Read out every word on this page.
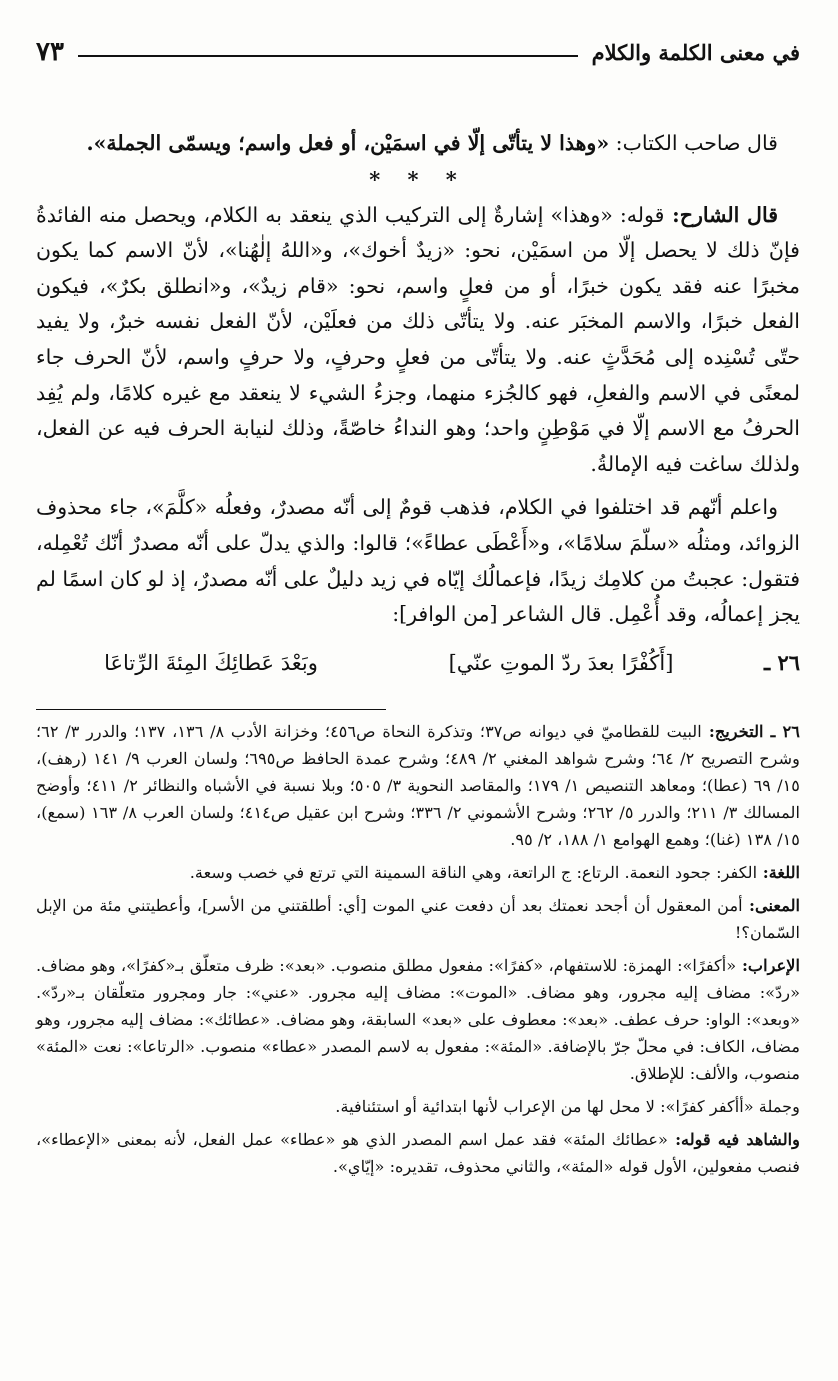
في معنى الكلمة والكلام
٧٣

قال صاحب الكتاب: «وهذا لا يتأتّى إلّا في اسمَيْن، أو فعل واسم؛ ويسمّى الجملة».

* * *

قال الشارح: قوله: «وهذا» إشارةٌ إلى التركيب الذي ينعقد به الكلام، ويحصل منه الفائدةُ فإنّ ذلك لا يحصل إلّا من اسمَيْن، نحو: «زيدٌ أخوك»، و«اللهُ إلٰهُنا»، لأنّ الاسم كما يكون مخبرًا عنه فقد يكون خبرًا، أو من فعلٍ واسم، نحو: «قام زيدٌ»، و«انطلق بكرٌ»، فيكون الفعل خبرًا، والاسم المخبَر عنه. ولا يتأتّى ذلك من فعلَيْن، لأنّ الفعل نفسه خبرٌ، ولا يفيد حتّى تُسْنِده إلى مُحَدَّثٍ عنه. ولا يتأتّى من فعلٍ وحرفٍ، ولا حرفٍ واسم، لأنّ الحرف جاء لمعنًى في الاسم والفعلِ، فهو كالجُزء منهما، وجزءُ الشيء لا ينعقد مع غيره كلامًا، ولم يُفِد الحرفُ مع الاسم إلّا في مَوْطِنٍ واحد؛ وهو النداءُ خاصّةً، وذلك لنيابة الحرف فيه عن الفعل، ولذلك ساغت فيه الإمالةُ.

واعلم أنّهم قد اختلفوا في الكلام، فذهب قومٌ إلى أنّه مصدرٌ، وفعلُه «كلَّمَ»، جاء محذوف الزوائد، ومثلُه «سلّمَ سلامًا»، و«أَعْطَى عطاءً»؛ قالوا: والذي يدلّ على أنّه مصدرٌ أنّك تُعْمِله، فتقول: عجبتُ من كلامِك زيدًا، فإعمالُك إيّاه في زيد دليلٌ على أنّه مصدرٌ، إذ لو كان اسمًا لم يجز إعمالُه، وقد أُعْمِل. قال الشاعر [من الوافر]:

٢٦ ـ
[أَكُفْرًا بعدَ ردّ الموتِ عنّي]
وبَعْدَ عَطائِكَ المِئةَ الرِّتاعَا

٢٦ ـ التخريج: البيت للقطاميّ في ديوانه ص٣٧؛ وتذكرة النحاة ص٤٥٦؛ وخزانة الأدب ٨/ ١٣٦، ١٣٧؛ والدرر ٣/ ٦٢؛ وشرح التصريح ٢/ ٦٤؛ وشرح شواهد المغني ٢/ ٤٨٩؛ وشرح عمدة الحافظ ص٦٩٥؛ ولسان العرب ٩/ ١٤١ (رهف)، ١٥/ ٦٩ (عطا)؛ ومعاهد التنصيص ١/ ١٧٩؛ والمقاصد النحوية ٣/ ٥٠٥؛ وبلا نسبة في الأشباه والنظائر ٢/ ٤١١؛ وأوضح المسالك ٣/ ٢١١؛ والدرر ٥/ ٢٦٢؛ وشرح الأشموني ٢/ ٣٣٦؛ وشرح ابن عقيل ص٤١٤؛ ولسان العرب ٨/ ١٦٣ (سمع)، ١٥/ ١٣٨ (غنا)؛ وهمع الهوامع ١/ ١٨٨، ٢/ ٩٥.

اللغة: الكفر: جحود النعمة. الرتاع: ج الراتعة، وهي الناقة السمينة التي ترتع في خصب وسعة.

المعنى: أمن المعقول أن أجحد نعمتك بعد أن دفعت عني الموت [أي: أطلقتني من الأسر]، وأعطيتني مئة من الإبل السّمان؟!

الإعراب: «أكفرًا»: الهمزة: للاستفهام، «كفرًا»: مفعول مطلق منصوب. «بعد»: ظرف متعلّق بـ«كفرًا»، وهو مضاف. «ردّ»: مضاف إليه مجرور، وهو مضاف. «الموت»: مضاف إليه مجرور. «عني»: جار ومجرور متعلّقان بـ«ردّ». «وبعد»: الواو: حرف عطف. «بعد»: معطوف على «بعد» السابقة، وهو مضاف. «عطائك»: مضاف إليه مجرور، وهو مضاف، الكاف: في محلّ جرّ بالإضافة. «المئة»: مفعول به لاسم المصدر «عطاء» منصوب. «الرتاعا»: نعت «المئة» منصوب، والألف: للإطلاق.

وجملة «أأكفر كفرًا»: لا محل لها من الإعراب لأنها ابتدائية أو استئنافية.

والشاهد فيه قوله: «عطائك المئة» فقد عمل اسم المصدر الذي هو «عطاء» عمل الفعل، لأنه بمعنى «الإعطاء»، فنصب مفعولين، الأول قوله «المئة»، والثاني محذوف، تقديره: «إيّاي».
